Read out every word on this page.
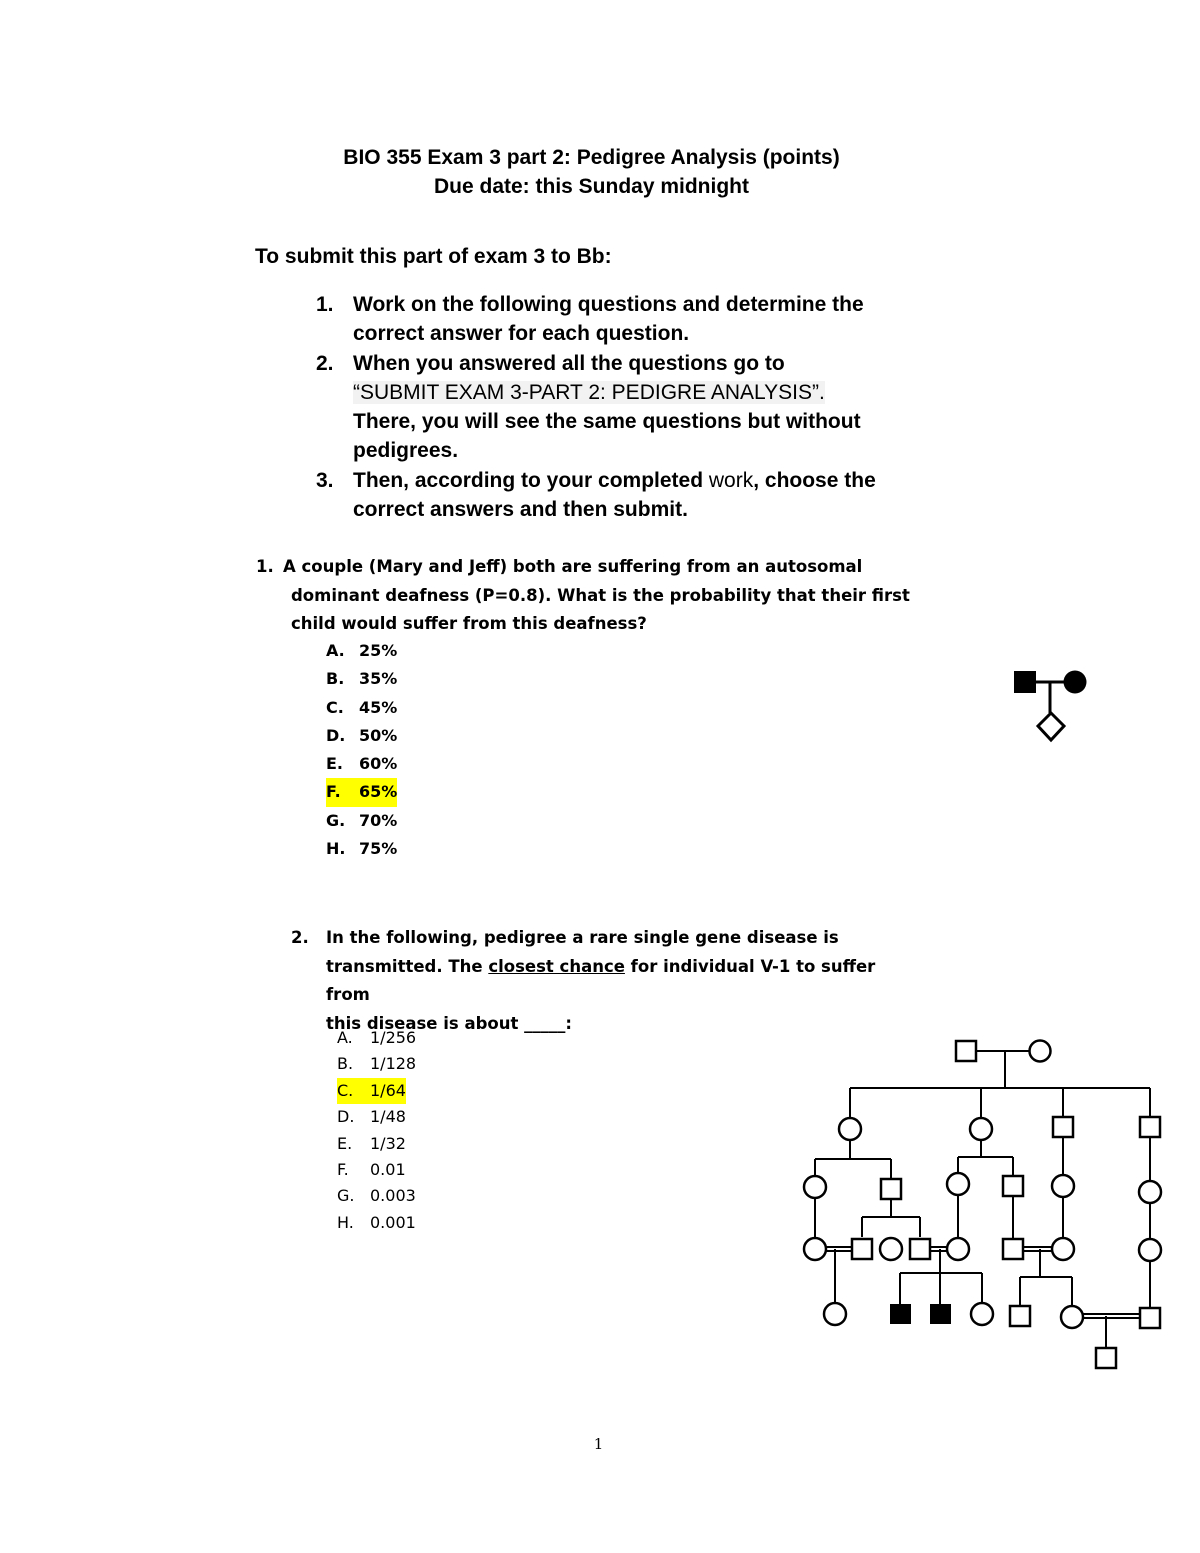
BIO 355 Exam 3 part 2: Pedigree Analysis (points)
Due date: this Sunday midnight
To submit this part of exam 3 to Bb:
1. Work on the following questions and determine the correct answer for each question.
2. When you answered all the questions go to
“SUBMIT EXAM 3-PART 2: PEDIGRE ANALYSIS”.
There, you will see the same questions but without pedigrees.
3. Then, according to your completed work, choose the correct answers and then submit.
1. A couple (Mary and Jeff) both are suffering from an autosomal
dominant deafness (P=0.8). What is the probability that their first
child would suffer from this deafness?
A. 25%
B. 35%
C. 45%
D. 50%
E. 60%
F. 65%
G. 70%
H. 75%
2. In the following, pedigree a rare single gene disease is
transmitted. The closest chance for individual V-1 to suffer from
this disease is about _____:
A. 1/256
B. 1/128
C. 1/64
D. 1/48
E. 1/32
F. 0.01
G. 0.003
H. 0.001
1
